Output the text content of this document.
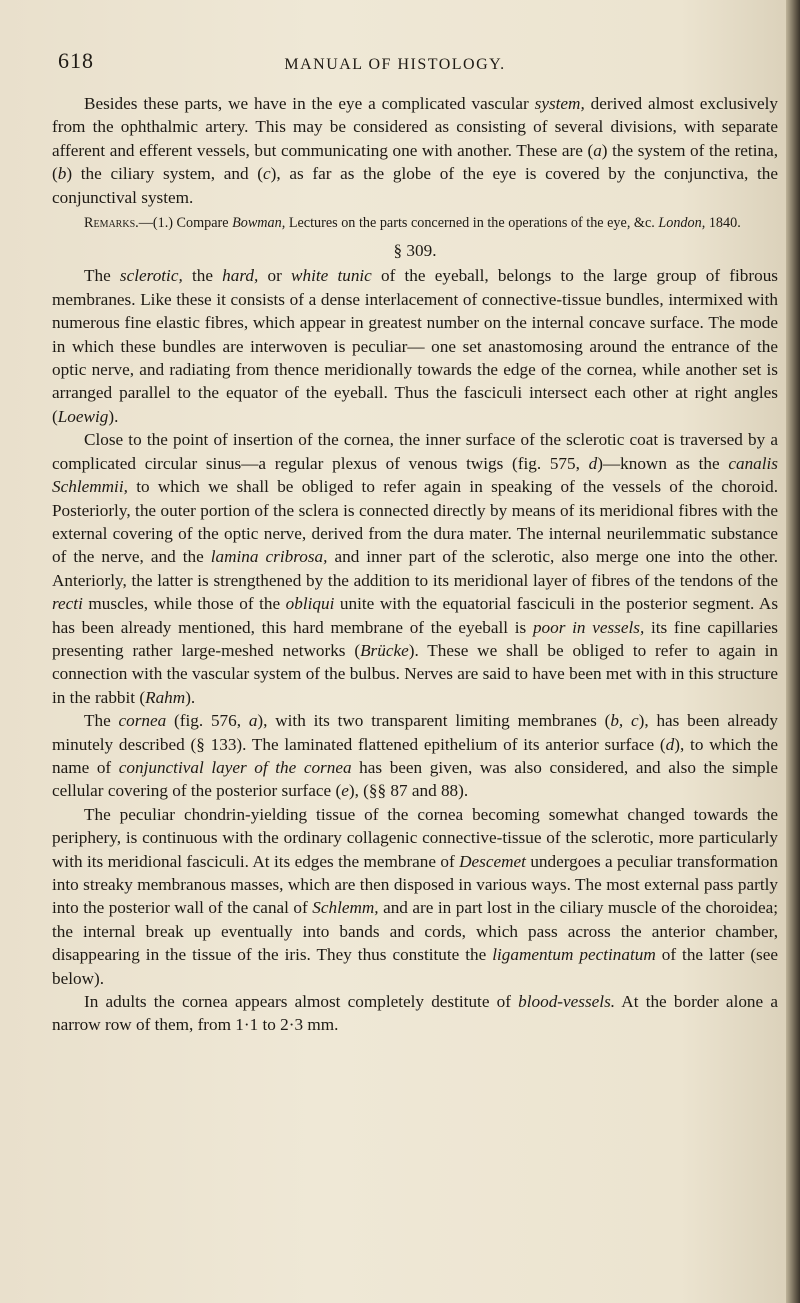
618	MANUAL OF HISTOLOGY.

Besides these parts, we have in the eye a complicated vascular system, derived almost exclusively from the ophthalmic artery. This may be considered as consisting of several divisions, with separate afferent and efferent vessels, but communicating one with another. These are (a) the system of the retina, (b) the ciliary system, and (c), as far as the globe of the eye is covered by the conjunctiva, the conjunctival system.

Remarks.—(1.) Compare Bowman, Lectures on the parts concerned in the operations of the eye, &c. London, 1840.

§ 309.

The sclerotic, the hard, or white tunic of the eyeball, belongs to the large group of fibrous membranes. Like these it consists of a dense interlacement of connective-tissue bundles, intermixed with numerous fine elastic fibres, which appear in greatest number on the internal concave surface. The mode in which these bundles are interwoven is peculiar— one set anastomosing around the entrance of the optic nerve, and radiating from thence meridionally towards the edge of the cornea, while another set is arranged parallel to the equator of the eyeball. Thus the fasciculi intersect each other at right angles (Loewig).

Close to the point of insertion of the cornea, the inner surface of the sclerotic coat is traversed by a complicated circular sinus—a regular plexus of venous twigs (fig. 575, d)—known as the canalis Schlemmii, to which we shall be obliged to refer again in speaking of the vessels of the choroid. Posteriorly, the outer portion of the sclera is connected directly by means of its meridional fibres with the external covering of the optic nerve, derived from the dura mater. The internal neurilemmatic substance of the nerve, and the lamina cribrosa, and inner part of the sclerotic, also merge one into the other. Anteriorly, the latter is strengthened by the addition to its meridional layer of fibres of the tendons of the recti muscles, while those of the obliqui unite with the equatorial fasciculi in the posterior segment. As has been already mentioned, this hard membrane of the eyeball is poor in vessels, its fine capillaries presenting rather large-meshed networks (Brücke). These we shall be obliged to refer to again in connection with the vascular system of the bulbus. Nerves are said to have been met with in this structure in the rabbit (Rahm).

The cornea (fig. 576, a), with its two transparent limiting membranes (b, c), has been already minutely described (§ 133). The laminated flattened epithelium of its anterior surface (d), to which the name of conjunctival layer of the cornea has been given, was also considered, and also the simple cellular covering of the posterior surface (e), (§§ 87 and 88).

The peculiar chondrin-yielding tissue of the cornea becoming somewhat changed towards the periphery, is continuous with the ordinary collagenic connective-tissue of the sclerotic, more particularly with its meridional fasciculi. At its edges the membrane of Descemet undergoes a peculiar transformation into streaky membranous masses, which are then disposed in various ways. The most external pass partly into the posterior wall of the canal of Schlemm, and are in part lost in the ciliary muscle of the choroidea; the internal break up eventually into bands and cords, which pass across the anterior chamber, disappearing in the tissue of the iris. They thus constitute the ligamentum pectinatum of the latter (see below).

In adults the cornea appears almost completely destitute of blood-vessels. At the border alone a narrow row of them, from 1·1 to 2·3 mm.
